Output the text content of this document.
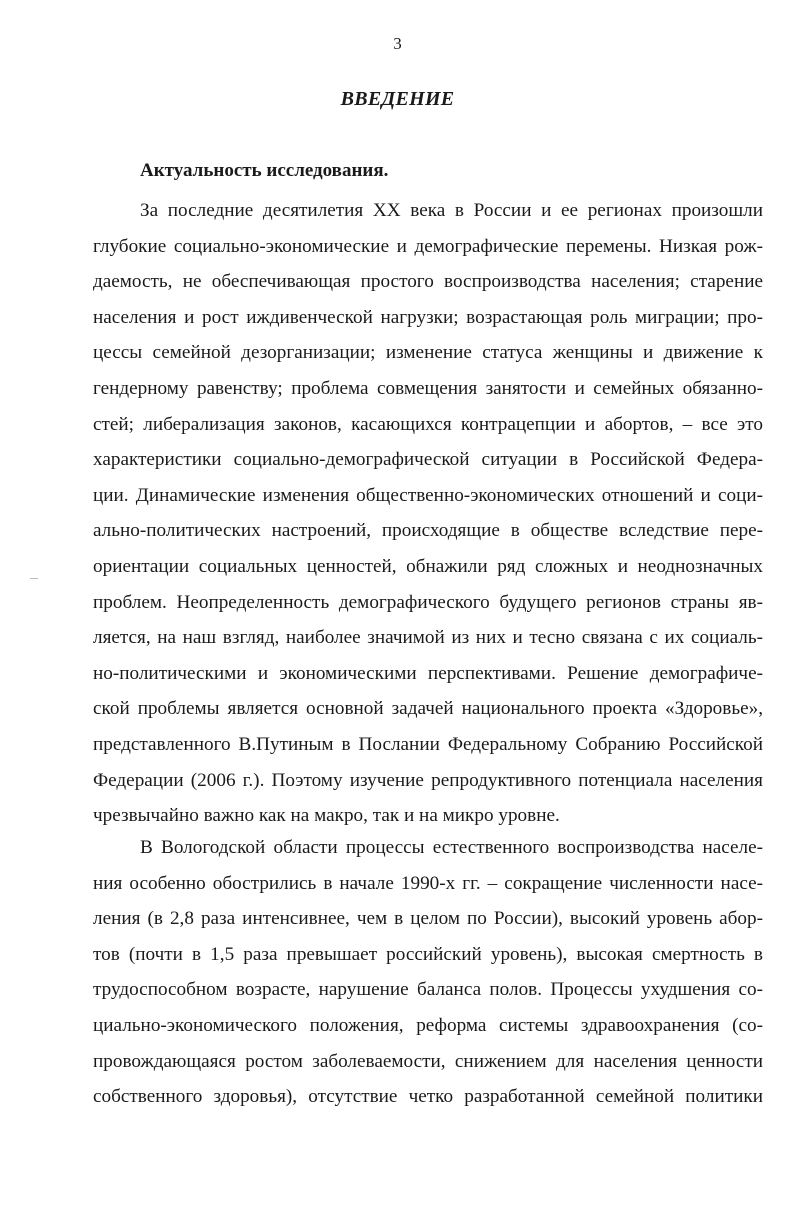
3
ВВЕДЕНИЕ
Актуальность исследования.
За последние десятилетия XX века в России и ее регионах произошли
глубокие социально-экономические и демографические перемены. Низкая рож-
даемость, не обеспечивающая простого воспроизводства населения; старение
населения и рост иждивенческой нагрузки; возрастающая роль миграции; про-
цессы семейной дезорганизации; изменение статуса женщины и движение к
гендерному равенству; проблема совмещения занятости и семейных обязанно-
стей; либерализация законов, касающихся контрацепции и абортов, – все это
характеристики социально-демографической ситуации в Российской Федера-
ции. Динамические изменения общественно-экономических отношений и соци-
ально-политических настроений, происходящие в обществе вследствие пере-
ориентации социальных ценностей, обнажили ряд сложных и неоднозначных
проблем. Неопределенность демографического будущего регионов страны яв-
ляется, на наш взгляд, наиболее значимой из них и тесно связана с их социаль-
но-политическими и экономическими перспективами. Решение демографиче-
ской проблемы является основной задачей национального проекта «Здоровье»,
представленного В.Путиным в Послании Федеральному Собранию Российской
Федерации (2006 г.). Поэтому изучение репродуктивного потенциала населения
чрезвычайно важно как на макро, так и на микро уровне.
В Вологодской области процессы естественного воспроизводства населе-
ния особенно обострились в начале 1990-х гг. – сокращение численности насе-
ления (в 2,8 раза интенсивнее, чем в целом по России), высокий уровень абор-
тов (почти в 1,5 раза превышает российский уровень), высокая смертность в
трудоспособном возрасте, нарушение баланса полов. Процессы ухудшения со-
циально-экономического положения, реформа системы здравоохранения (со-
провождающаяся ростом заболеваемости, снижением для населения ценности
собственного здоровья), отсутствие четко разработанной семейной политики
